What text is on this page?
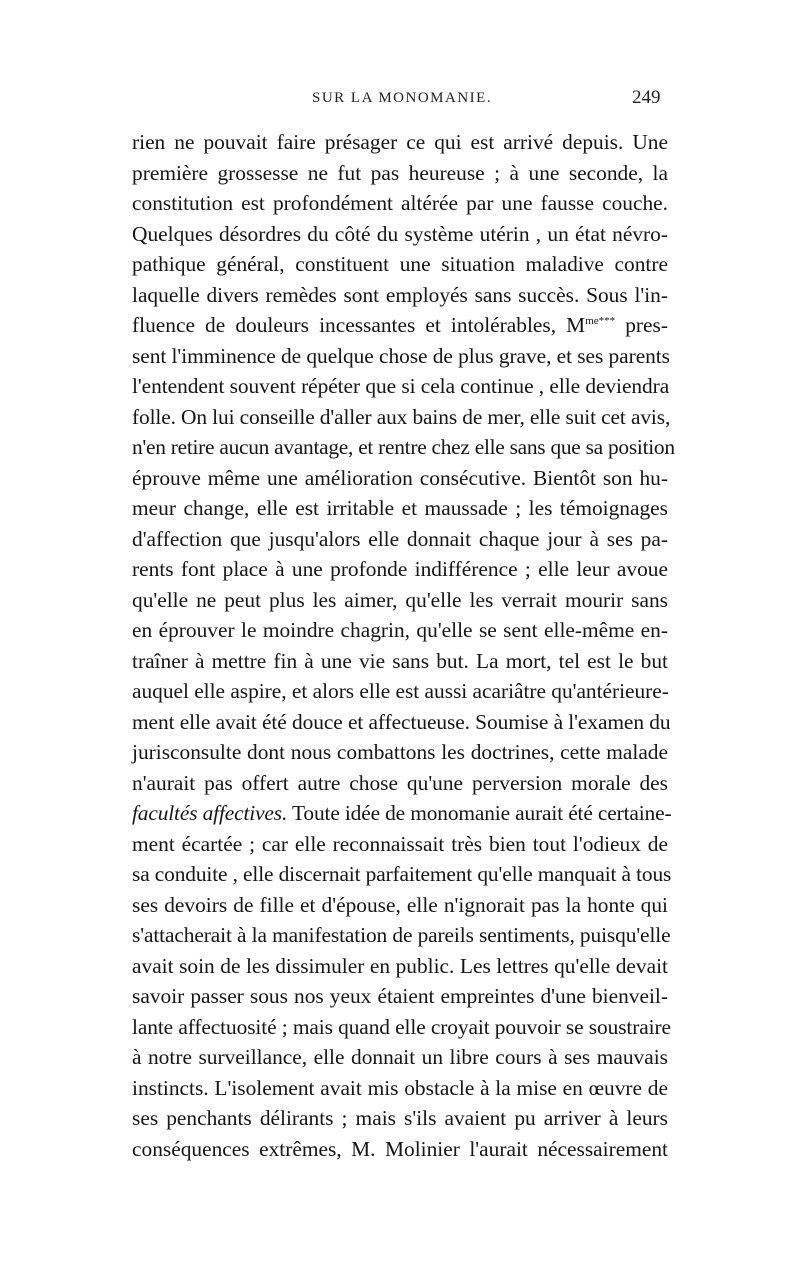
SUR LA MONOMANIE.	249
rien ne pouvait faire présager ce qui est arrivé depuis. Une
première grossesse ne fut pas heureuse ; à une seconde, la
constitution est profondément altérée par une fausse couche.
Quelques désordres du côté du système utérin , un état névro-
pathique général, constituent une situation maladive contre
laquelle divers remèdes sont employés sans succès. Sous l'in-
fluence de douleurs incessantes et intolérables, $M^{me***}$ pres-
sent l'imminence de quelque chose de plus grave, et ses parents
l'entendent souvent répéter que si cela continue , elle deviendra
folle. On lui conseille d'aller aux bains de mer, elle suit cet avis,
n'en retire aucun avantage, et rentre chez elle sans que sa position
éprouve même une amélioration consécutive. Bientôt son hu-
meur change, elle est irritable et maussade ; les témoignages
d'affection que jusqu'alors elle donnait chaque jour à ses pa-
rents font place à une profonde indifférence ; elle leur avoue
qu'elle ne peut plus les aimer, qu'elle les verrait mourir sans
en éprouver le moindre chagrin, qu'elle se sent elle-même en-
traîner à mettre fin à une vie sans but. La mort, tel est le but
auquel elle aspire, et alors elle est aussi acariâtre qu'antérieure-
ment elle avait été douce et affectueuse. Soumise à l'examen du
jurisconsulte dont nous combattons les doctrines, cette malade
n'aurait pas offert autre chose qu'une perversion morale des
facultés affectives. Toute idée de monomanie aurait été certaine-
ment écartée ; car elle reconnaissait très bien tout l'odieux de
sa conduite , elle discernait parfaitement qu'elle manquait à tous
ses devoirs de fille et d'épouse, elle n'ignorait pas la honte qui
s'attacherait à la manifestation de pareils sentiments, puisqu'elle
avait soin de les dissimuler en public. Les lettres qu'elle devait
savoir passer sous nos yeux étaient empreintes d'une bienveil-
lante affectuosité ; mais quand elle croyait pouvoir se soustraire
à notre surveillance, elle donnait un libre cours à ses mauvais
instincts. L'isolement avait mis obstacle à la mise en œuvre de
ses penchants délirants ; mais s'ils avaient pu arriver à leurs
conséquences extrêmes, M. Molinier l'aurait nécessairement
